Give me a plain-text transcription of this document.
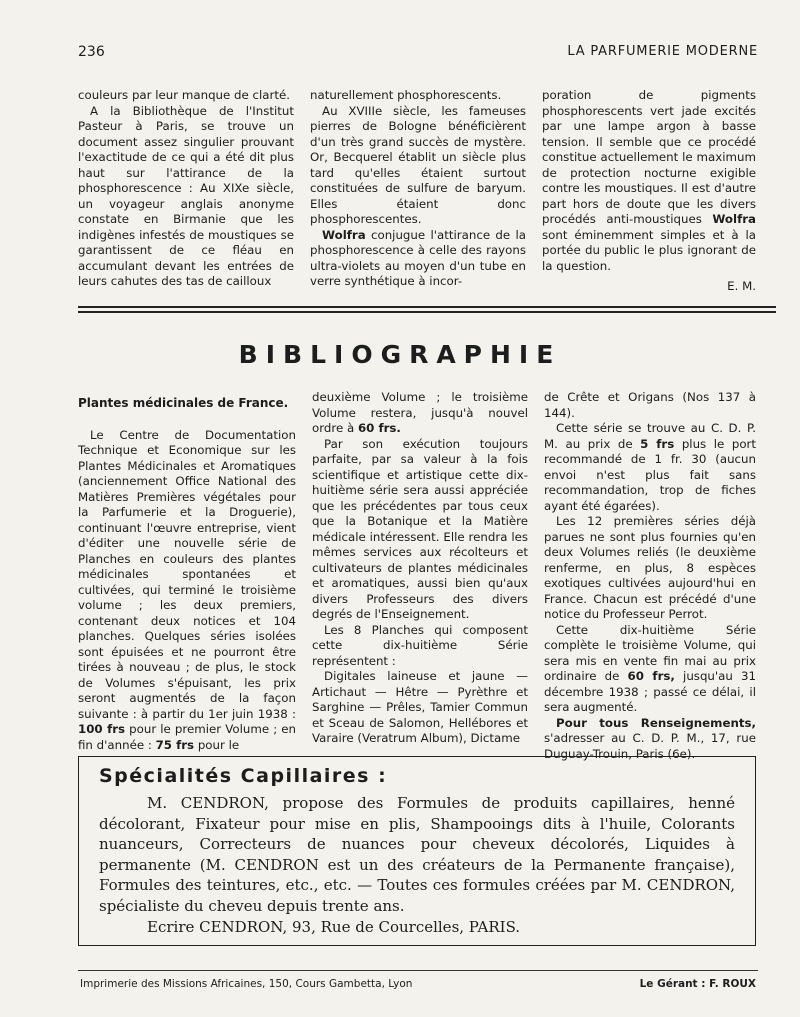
236	LA PARFUMERIE MODERNE

couleurs par leur manque de clarté.

A la Bibliothèque de l'Institut Pasteur à Paris, se trouve un document assez singulier prouvant l'exactitude de ce qui a été dit plus haut sur l'attirance de la phosphorescence : Au XIXe siècle, un voyageur anglais anonyme constate en Birmanie que les indigènes infestés de moustiques se garantissent de ce fléau en accumulant devant les entrées de leurs cahutes des tas de cailloux

naturellement phosphorescents.

Au XVIIIe siècle, les fameuses pierres de Bologne bénéficièrent d'un très grand succès de mystère. Or, Becquerel établit un siècle plus tard qu'elles étaient surtout constituées de sulfure de baryum. Elles étaient donc phosphorescentes.

Wolfra conjugue l'attirance de la phosphorescence à celle des rayons ultra-violets au moyen d'un tube en verre synthétique à incor-

poration de pigments phosphorescents vert jade excités par une lampe argon à basse tension. Il semble que ce procédé constitue actuellement le maximum de protection nocturne exigible contre les moustiques. Il est d'autre part hors de doute que les divers procédés anti-moustiques Wolfra sont éminemment simples et à la portée du public le plus ignorant de la question.

E. M.

BIBLIOGRAPHIE

Plantes médicinales de France.

Le Centre de Documentation Technique et Economique sur les Plantes Médicinales et Aromatiques (anciennement Office National des Matières Premières végétales pour la Parfumerie et la Droguerie), continuant l'œuvre entreprise, vient d'éditer une nouvelle série de Planches en couleurs des plantes médicinales spontanées et cultivées, qui terminé le troisième volume ; les deux premiers, contenant deux notices et 104 planches. Quelques séries isolées sont épuisées et ne pourront être tirées à nouveau ; de plus, le stock de Volumes s'épuisant, les prix seront augmentés de la façon suivante : à partir du 1er juin 1938 : 100 frs pour le premier Volume ; en fin d'année : 75 frs pour le

deuxième Volume ; le troisième Volume restera, jusqu'à nouvel ordre à 60 frs.

Par son exécution toujours parfaite, par sa valeur à la fois scientifique et artistique cette dix-huitième série sera aussi appréciée que les précédentes par tous ceux que la Botanique et la Matière médicale intéressent. Elle rendra les mêmes services aux récolteurs et cultivateurs de plantes médicinales et aromatiques, aussi bien qu'aux divers Professeurs des divers degrés de l'Enseignement.

Les 8 Planches qui composent cette dix-huitième Série représentent :

Digitales laineuse et jaune — Artichaut — Hêtre — Pyrèthre et Sarghine — Prêles, Tamier Commun et Sceau de Salomon, Hellébores et Varaire (Veratrum Album), Dictame

de Crête et Origans (Nos 137 à 144).

Cette série se trouve au C. D. P. M. au prix de 5 frs plus le port recommandé de 1 fr. 30 (aucun envoi n'est plus fait sans recommandation, trop de fiches ayant été égarées).

Les 12 premières séries déjà parues ne sont plus fournies qu'en deux Volumes reliés (le deuxième renferme, en plus, 8 espèces exotiques cultivées aujourd'hui en France. Chacun est précédé d'une notice du Professeur Perrot.

Cette dix-huitième Série complète le troisième Volume, qui sera mis en vente fin mai au prix ordinaire de 60 frs, jusqu'au 31 décembre 1938 ; passé ce délai, il sera augmenté.

Pour tous Renseignements, s'adresser au C. D. P. M., 17, rue Duguay-Trouin, Paris (6e).

Spécialités Capillaires :

M. CENDRON, propose des Formules de produits capillaires, henné décolorant, Fixateur pour mise en plis, Shampooings dits à l'huile, Colorants nuanceurs, Correcteurs de nuances pour cheveux décolorés, Liquides à permanente (M. CENDRON est un des créateurs de la Permanente française), Formules des teintures, etc., etc. — Toutes ces formules créées par M. CENDRON, spécialiste du cheveu depuis trente ans.

Ecrire CENDRON, 93, Rue de Courcelles, PARIS.

Imprimerie des Missions Africaines, 150, Cours Gambetta, Lyon	Le Gérant : F. ROUX
